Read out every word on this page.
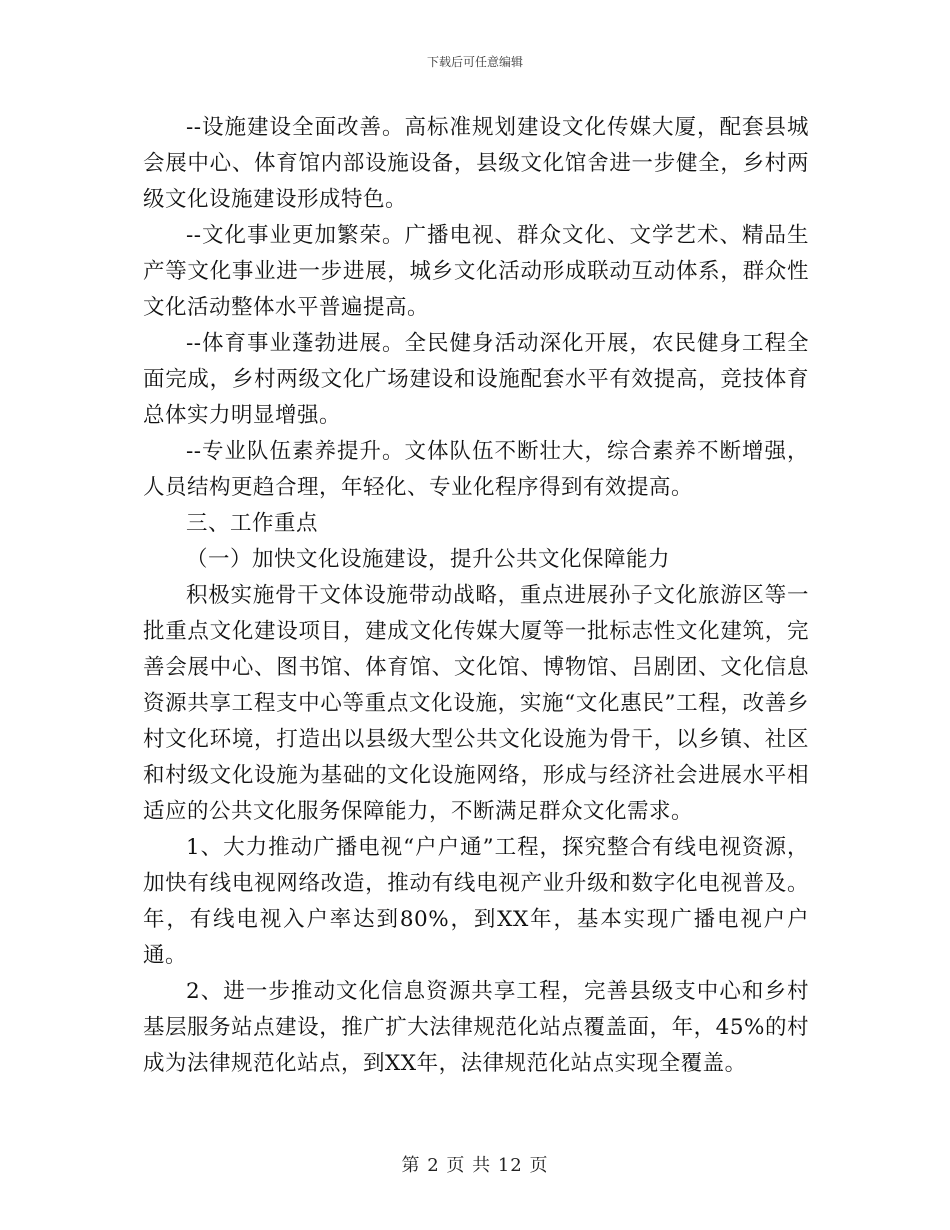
下载后可任意编辑

--设施建设全面改善。高标准规划建设文化传媒大厦，配套县城会展中心、体育馆内部设施设备，县级文化馆舍进一步健全，乡村两级文化设施建设形成特色。

--文化事业更加繁荣。广播电视、群众文化、文学艺术、精品生产等文化事业进一步进展，城乡文化活动形成联动互动体系，群众性文化活动整体水平普遍提高。

--体育事业蓬勃进展。全民健身活动深化开展，农民健身工程全面完成，乡村两级文化广场建设和设施配套水平有效提高，竞技体育总体实力明显增强。

--专业队伍素养提升。文体队伍不断壮大，综合素养不断增强，人员结构更趋合理，年轻化、专业化程序得到有效提高。

三、工作重点

（一）加快文化设施建设，提升公共文化保障能力

积极实施骨干文体设施带动战略，重点进展孙子文化旅游区等一批重点文化建设项目，建成文化传媒大厦等一批标志性文化建筑，完善会展中心、图书馆、体育馆、文化馆、博物馆、吕剧团、文化信息资源共享工程支中心等重点文化设施，实施“文化惠民”工程，改善乡村文化环境，打造出以县级大型公共文化设施为骨干，以乡镇、社区和村级文化设施为基础的文化设施网络，形成与经济社会进展水平相适应的公共文化服务保障能力，不断满足群众文化需求。

1、大力推动广播电视“户户通”工程，探究整合有线电视资源，加快有线电视网络改造，推动有线电视产业升级和数字化电视普及。年，有线电视入户率达到80%，到XX年，基本实现广播电视户户通。

2、进一步推动文化信息资源共享工程，完善县级支中心和乡村基层服务站点建设，推广扩大法律规范化站点覆盖面，年，45%的村成为法律规范化站点，到XX年，法律规范化站点实现全覆盖。

第 2 页 共 12 页
